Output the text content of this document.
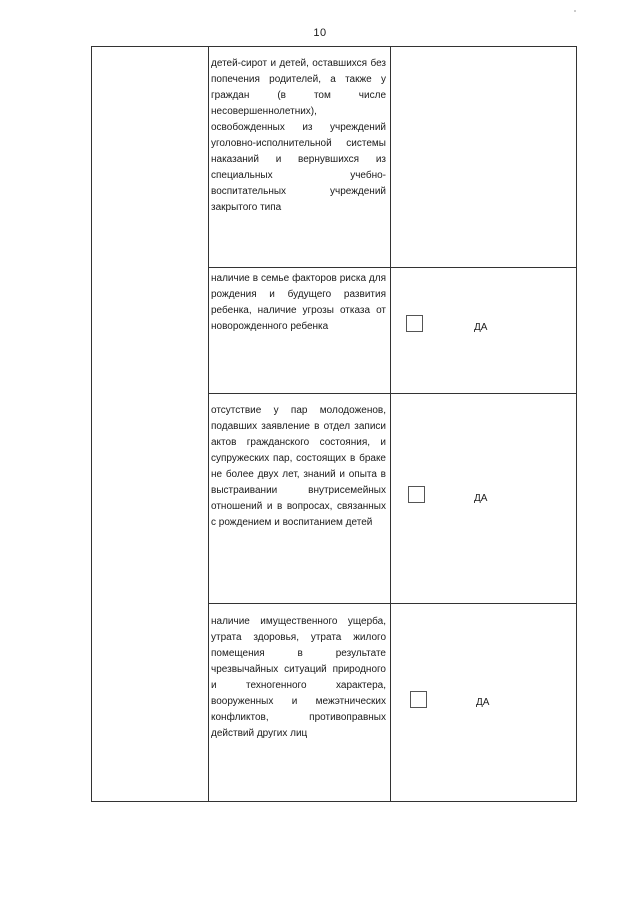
10
детей-сирот и детей, оставшихся без попечения родителей, а также у граждан (в том числе несовершеннолетних), освобожденных из учреждений уголовно-исполнительной системы наказаний и вернувшихся из специальных учебно-воспитательных учреждений закрытого типа
наличие в семье факторов риска для рождения и будущего развития ребенка, наличие угрозы отказа от новорожденного ребенка	ДА
отсутствие у пар молодоженов, подавших заявление в отдел записи актов гражданского состояния, и супружеских пар, состоящих в браке не более двух лет, знаний и опыта в выстраивании внутрисемейных отношений и в вопросах, связанных с рождением и воспитанием детей
ДА
наличие имущественного ущерба, утрата здоровья, утрата жилого помещения в результате чрезвычайных ситуаций природного и техногенного характера, вооруженных и межэтнических конфликтов, противоправных действий других лиц
ДА
